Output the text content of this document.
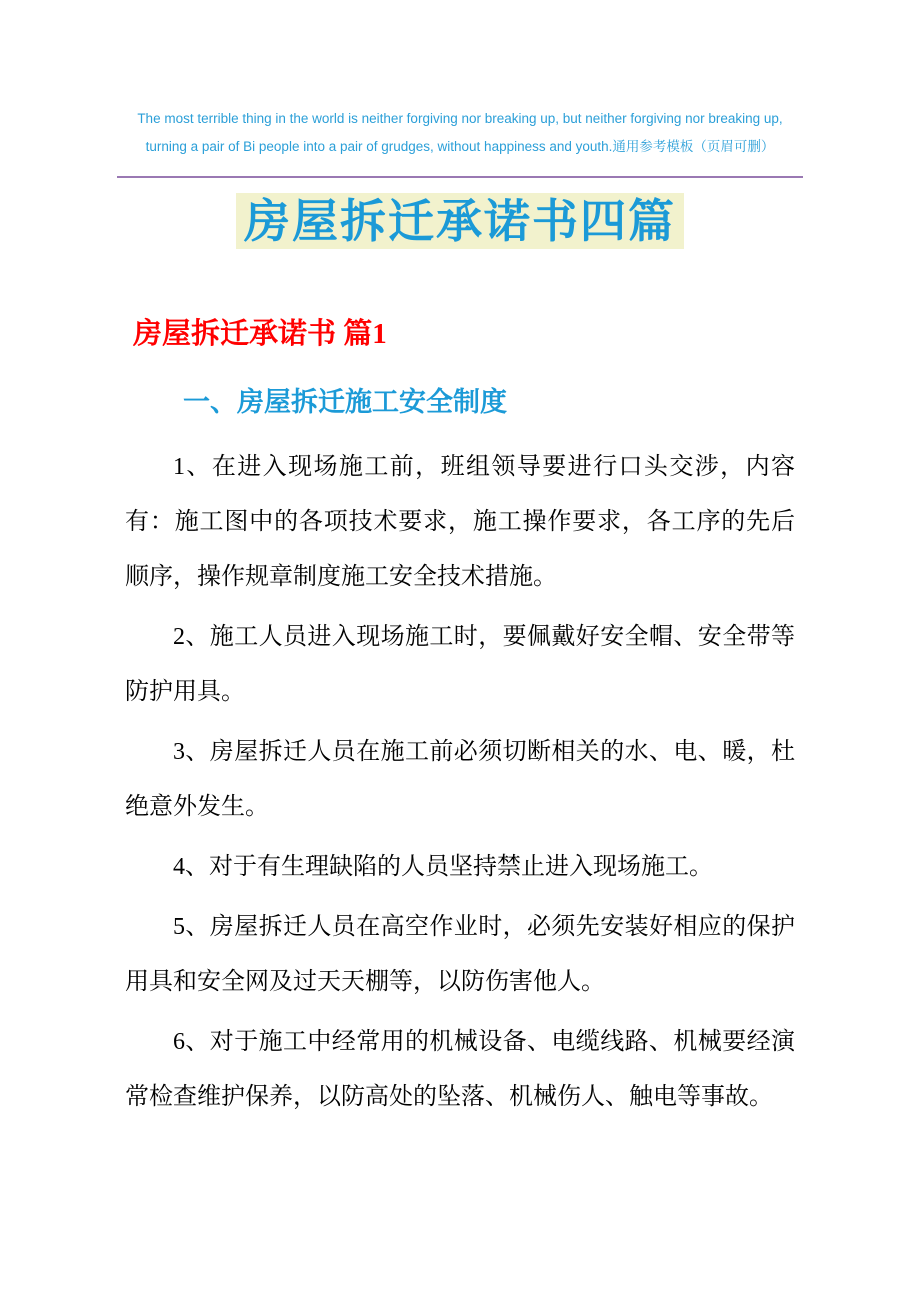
The most terrible thing in the world is neither forgiving nor breaking up, but neither forgiving nor breaking up,
turning a pair of Bi people into a pair of grudges, without happiness and youth.通用参考模板（页眉可删）
房屋拆迁承诺书四篇
房屋拆迁承诺书 篇1
一、房屋拆迁施工安全制度

1、在进入现场施工前，班组领导要进行口头交涉，内容有：施工图中的各项技术要求，施工操作要求，各工序的先后顺序，操作规章制度施工安全技术措施。

2、施工人员进入现场施工时，要佩戴好安全帽、安全带等防护用具。

3、房屋拆迁人员在施工前必须切断相关的水、电、暖，杜绝意外发生。

4、对于有生理缺陷的人员坚持禁止进入现场施工。

5、房屋拆迁人员在高空作业时，必须先安装好相应的保护用具和安全网及过天天棚等，以防伤害他人。

6、对于施工中经常用的机械设备、电缆线路、机械要经演常检查维护保养，以防高处的坠落、机械伤人、触电等事故。
